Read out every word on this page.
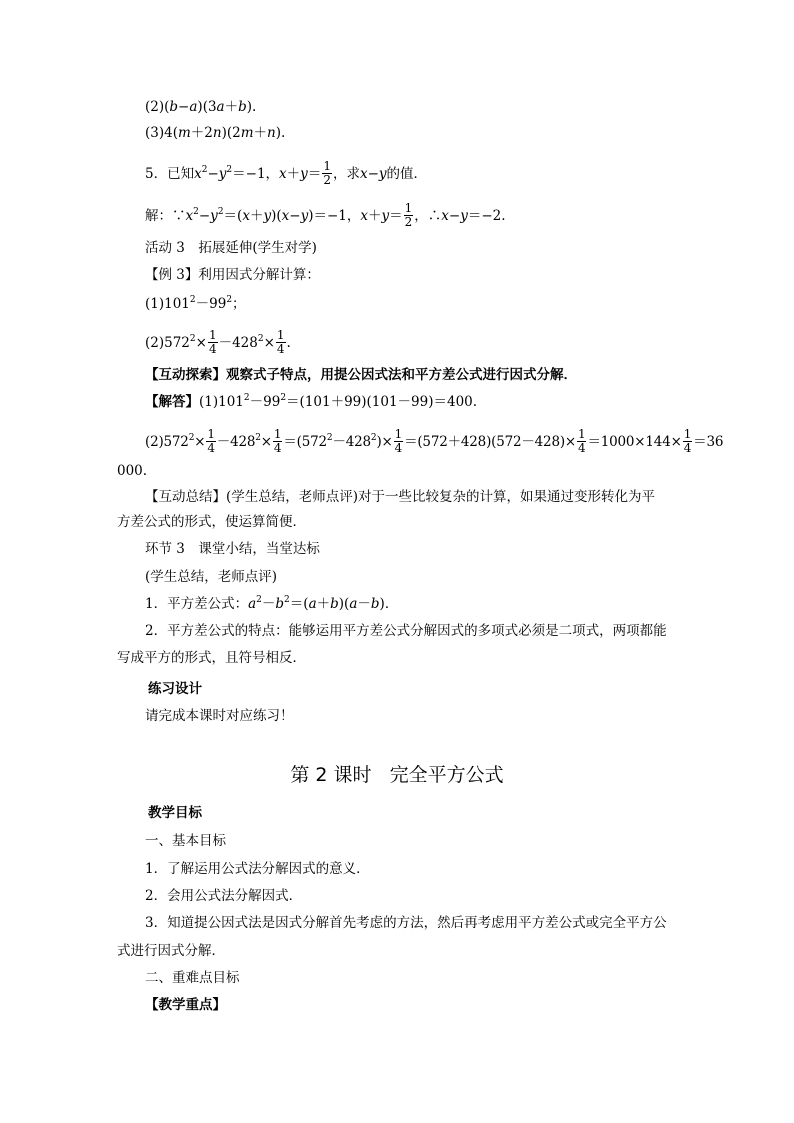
(2)(b−a)(3a＋b).
(3)4(m＋2n)(2m＋n).
5．已知$x^2-y^2=-1$，$x+y= \frac{1}{2}$ ，求x−y的值．
解：$\because x^2-y^2=(x+y)(x-y)=-1$，$x+y= \frac{1}{2}$ ，∴x−y＝−2.
活动 3　拓展延伸(学生对学)
【例 3】利用因式分解计算：
$(1)101^2-99^2$；
$(2)572^2\times \frac{1}{4} -428^2\times \frac{1}{4}$ .
【互动探索】观察式子特点，用提公因式法和平方差公式进行因式分解．
【解答】$(1)101^2-99^2=(101+99)(101-99)=400$.
$(2)572^2\times \frac{1}{4} -428^2\times \frac{1}{4} =(572^2-428^2)\times \frac{1}{4} =(572+428)(572-428)\times \frac{1}{4} =1000\times 144\times \frac{1}{4} =36$
000.
【互动总结】(学生总结，老师点评)对于一些比较复杂的计算，如果通过变形转化为平
方差公式的形式，使运算简便．
环节 3　课堂小结，当堂达标
(学生总结，老师点评)
1．平方差公式：$a^2-b^2=(a+b)(a-b)$．
2．平方差公式的特点：能够运用平方差公式分解因式的多项式必须是二项式，两项都能
写成平方的形式，且符号相反．
练习设计
请完成本课时对应练习！
第 2 课时 完全平方公式
教学目标
一、基本目标
1．了解运用公式法分解因式的意义．
2．会用公式法分解因式．
3．知道提公因式法是因式分解首先考虑的方法，然后再考虑用平方差公式或完全平方公
式进行因式分解．
二、重难点目标
【教学重点】
